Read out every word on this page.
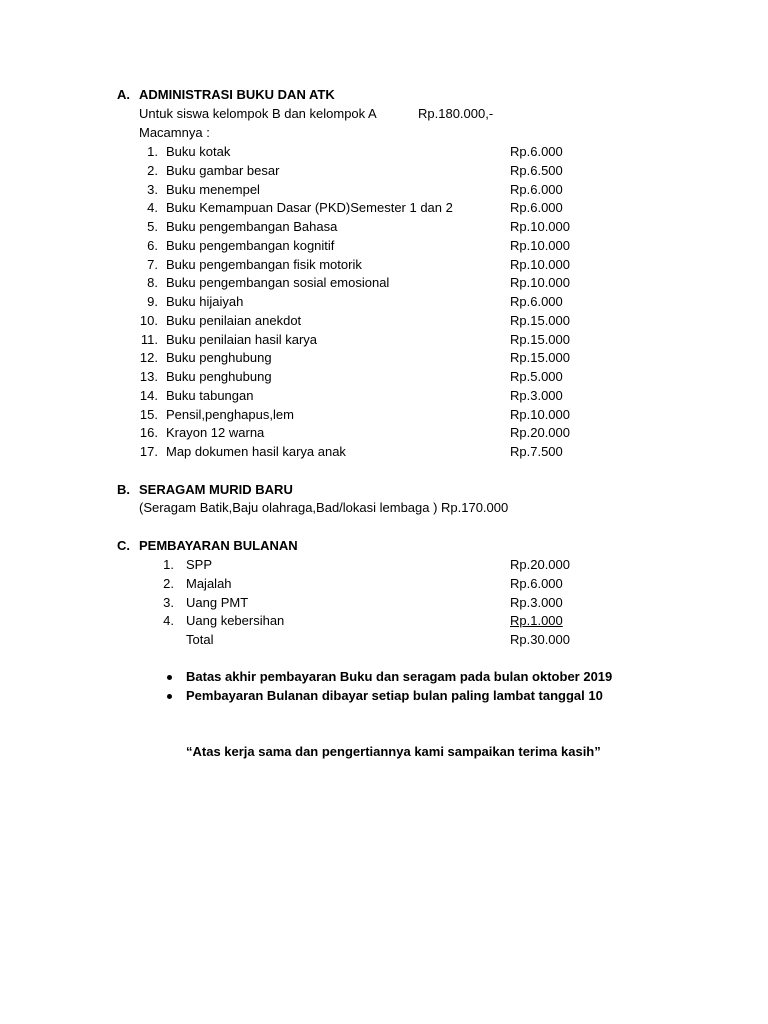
A. ADMINISTRASI BUKU DAN ATK
Untuk siswa kelompok B dan kelompok A	Rp.180.000,-
Macamnya :
1. Buku kotak	Rp.6.000
2. Buku gambar besar	Rp.6.500
3. Buku menempel	Rp.6.000
4. Buku Kemampuan Dasar (PKD)Semester 1 dan 2	Rp.6.000
5. Buku pengembangan Bahasa	Rp.10.000
6. Buku pengembangan kognitif	Rp.10.000
7. Buku pengembangan fisik motorik	Rp.10.000
8. Buku pengembangan sosial emosional	Rp.10.000
9. Buku hijaiyah	Rp.6.000
10. Buku penilaian anekdot	Rp.15.000
11. Buku penilaian hasil karya	Rp.15.000
12. Buku penghubung	Rp.15.000
13. Buku penghubung	Rp.5.000
14. Buku tabungan	Rp.3.000
15. Pensil,penghapus,lem	Rp.10.000
16. Krayon 12 warna	Rp.20.000
17. Map dokumen hasil karya anak	Rp.7.500
B. SERAGAM MURID BARU
(Seragam Batik,Baju olahraga,Bad/lokasi lembaga ) Rp.170.000
C. PEMBAYARAN BULANAN
1. SPP	Rp.20.000
2. Majalah	Rp.6.000
3. Uang PMT	Rp.3.000
4. Uang kebersihan	Rp.1.000
Total	Rp.30.000
Batas akhir pembayaran Buku dan seragam pada bulan oktober 2019
Pembayaran Bulanan dibayar setiap bulan paling lambat tanggal 10
“Atas kerja sama dan pengertiannya kami sampaikan terima kasih”
